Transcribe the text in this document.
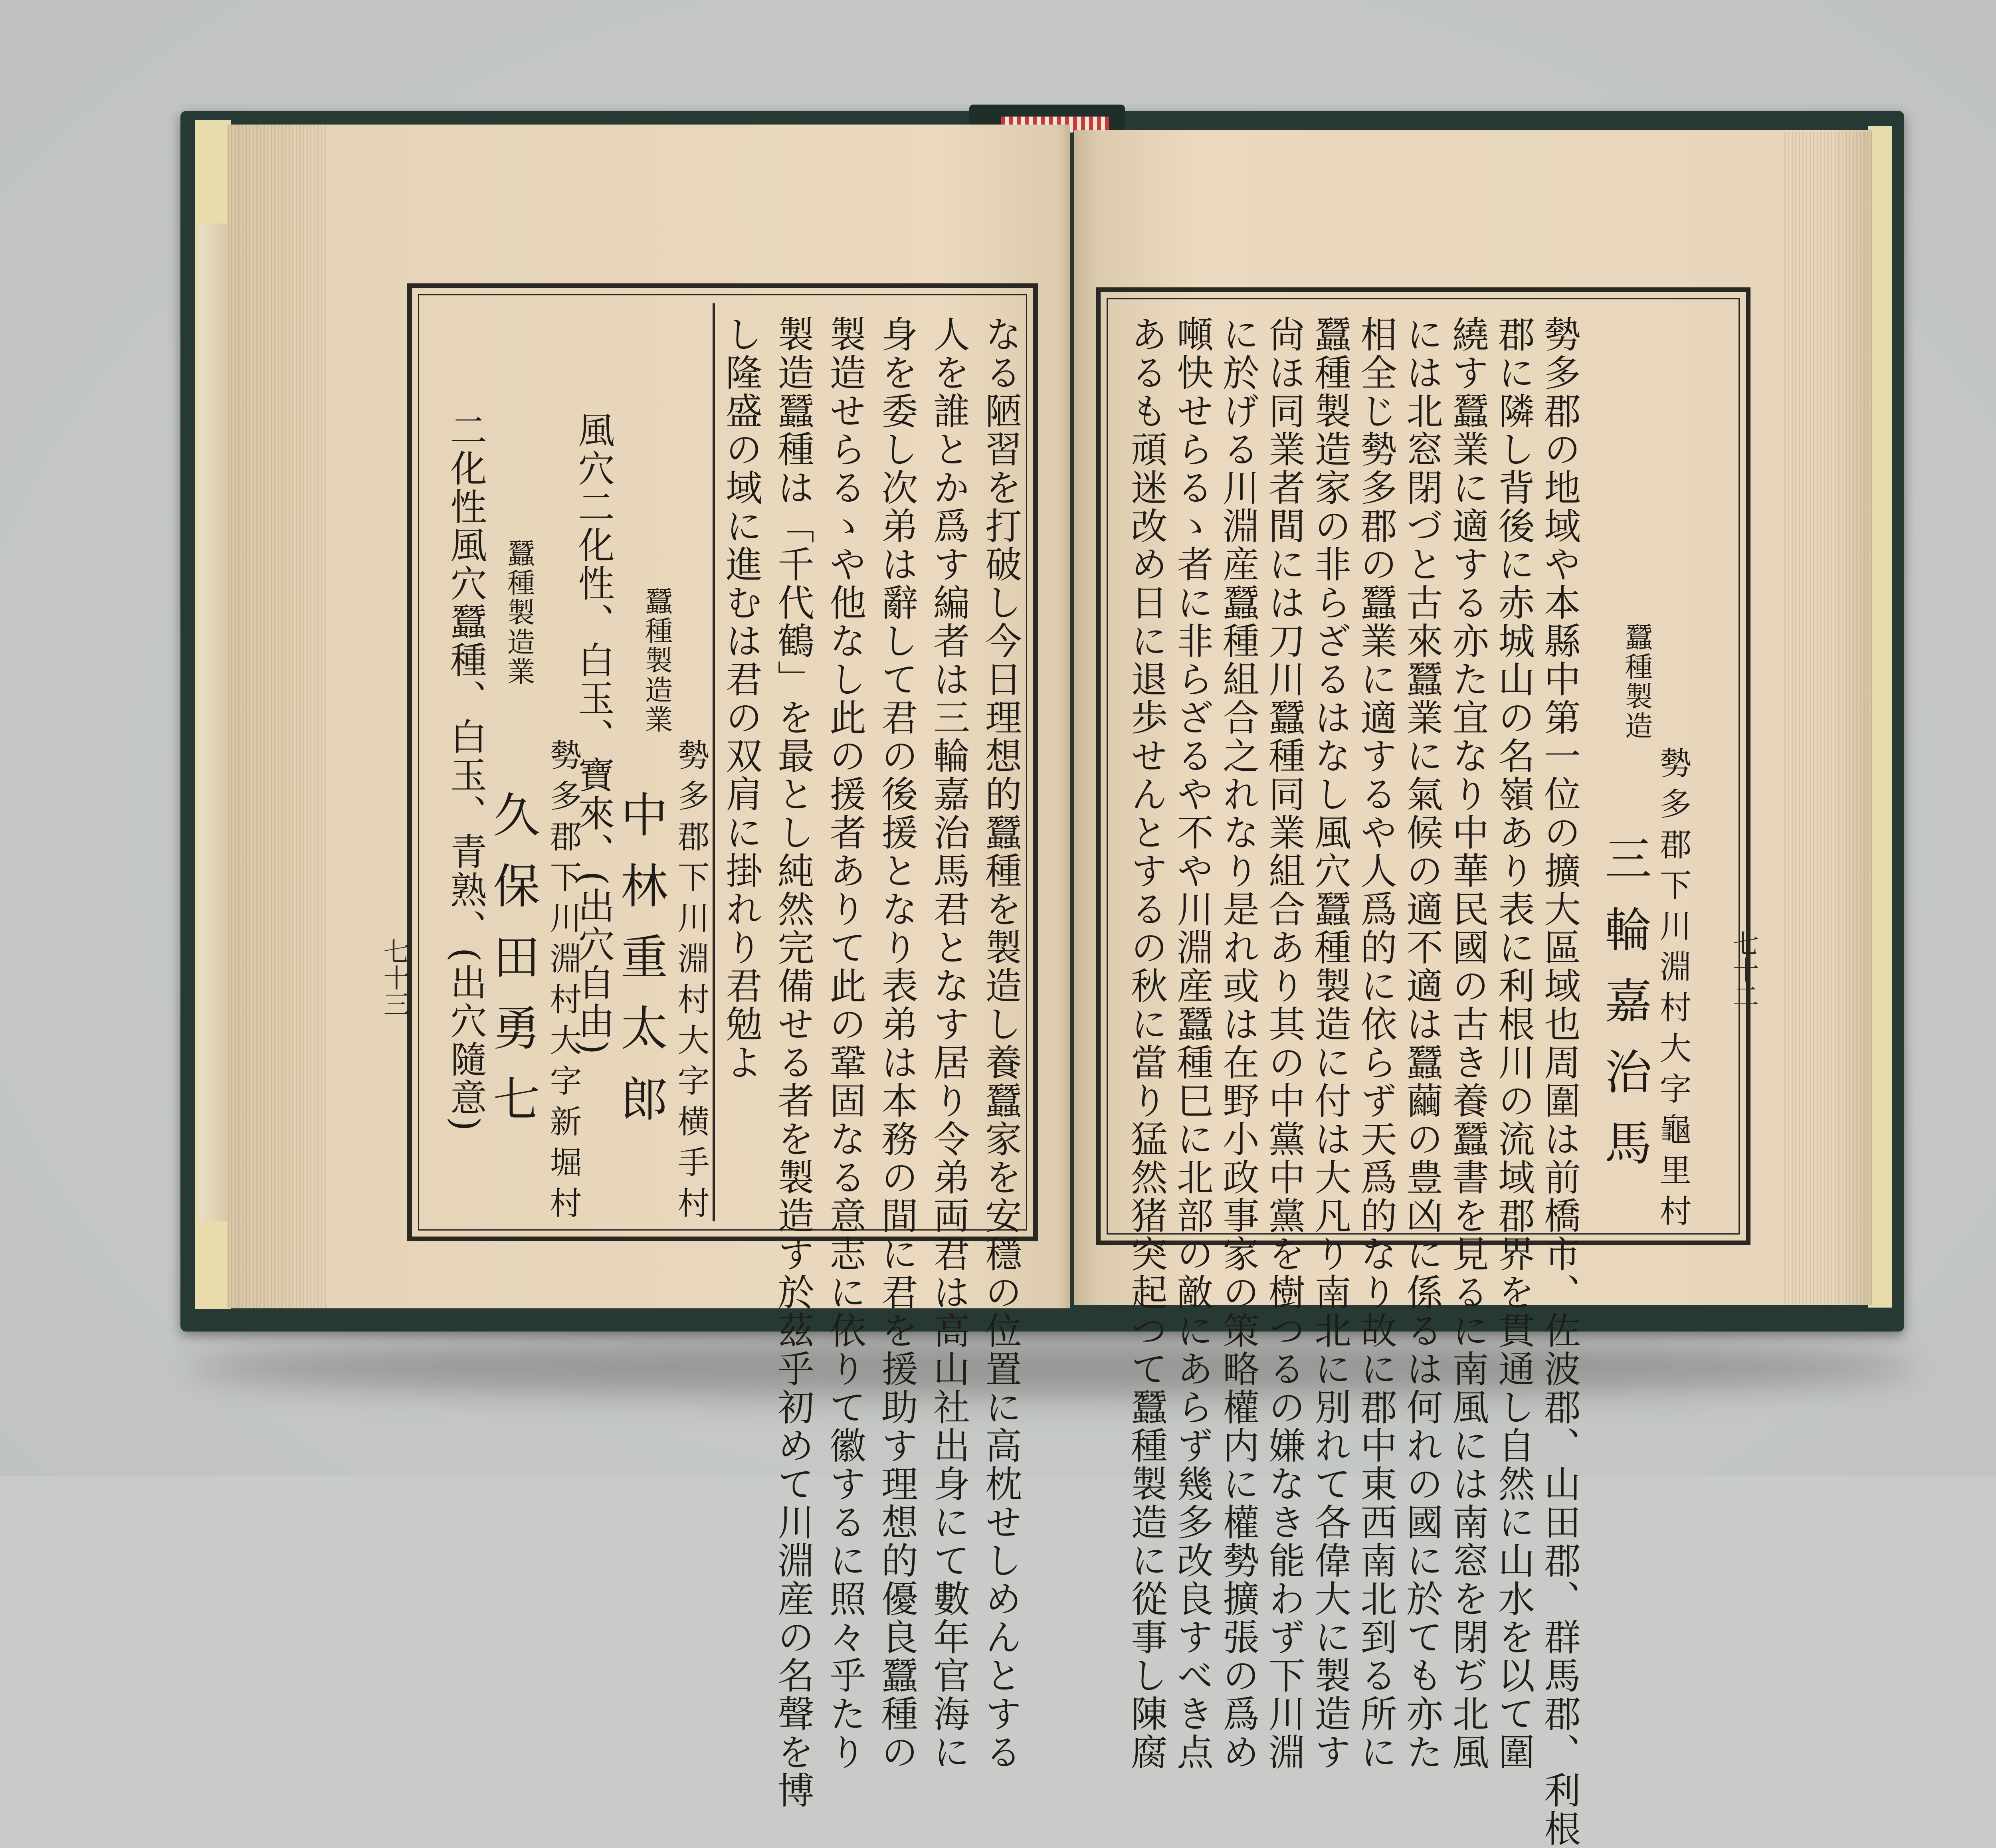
なる陋習を打破し今日理想的蠶種を製造し養蠶家を安穩の位置に高枕せしめんとする
人を誰とか爲す編者は三輪嘉治馬君となす居り令弟両君は高山社出身にて數年官海に
身を委し次弟は辭して君の後援となり表弟は本務の間に君を援助す理想的優良蠶種の
製造せらるゝや他なし此の援者ありて此の鞏固なる意志に依りて徽するに照々乎たり
製造蠶種は「千代鶴」を最とし純然完備せる者を製造す於茲乎初めて川淵産の名聲を博
し隆盛の域に進むは君の双肩に掛れり君勉よ
蠶種製造業
勢多郡下川淵村大字横手村
中林重太郎
風穴二化性、白玉、寶來、(出穴自由)
蠶種製造業
勢多郡下川淵村大字新堀村
久保田勇七
二化性風穴蠶種、白玉、青熟、(出穴隨意)
七十三	勢多郡下川淵村大字龜里村
三輪嘉治馬
蠶種製造
勢多郡の地域や本縣中第一位の擴大區域也周圍は前橋市、佐波郡、山田郡、群馬郡、利根
郡に隣し背後に赤城山の名嶺あり表に利根川の流域郡界を貫通し自然に山水を以て圍
繞す蠶業に適する亦た宜なり中華民國の古き養蠶書を見るに南風には南窓を閉ぢ北風
には北窓閉づと古來蠶業に氣候の適不適は蠶繭の豊凶に係るは何れの國に於ても亦た
相全じ勢多郡の蠶業に適するや人爲的に依らず天爲的なり故に郡中東西南北到る所に
蠶種製造家の非らざるはなし風穴蠶種製造に付は大凡り南北に別れて各偉大に製造す
尙ほ同業者間には刀川蠶種同業組合あり其の中黨中黨を樹つるの嫌なき能わず下川淵
に於げる川淵産蠶種組合之れなり是れ或は在野小政事家の策略權内に權勢擴張の爲め
噸快せらるゝ者に非らざるや不や川淵産蠶種巳に北部の敵にあらず幾多改良すべき点
あるも頑迷改め日に退歩せんとするの秋に當り猛然猪突起つて蠶種製造に從事し陳腐	七十二
